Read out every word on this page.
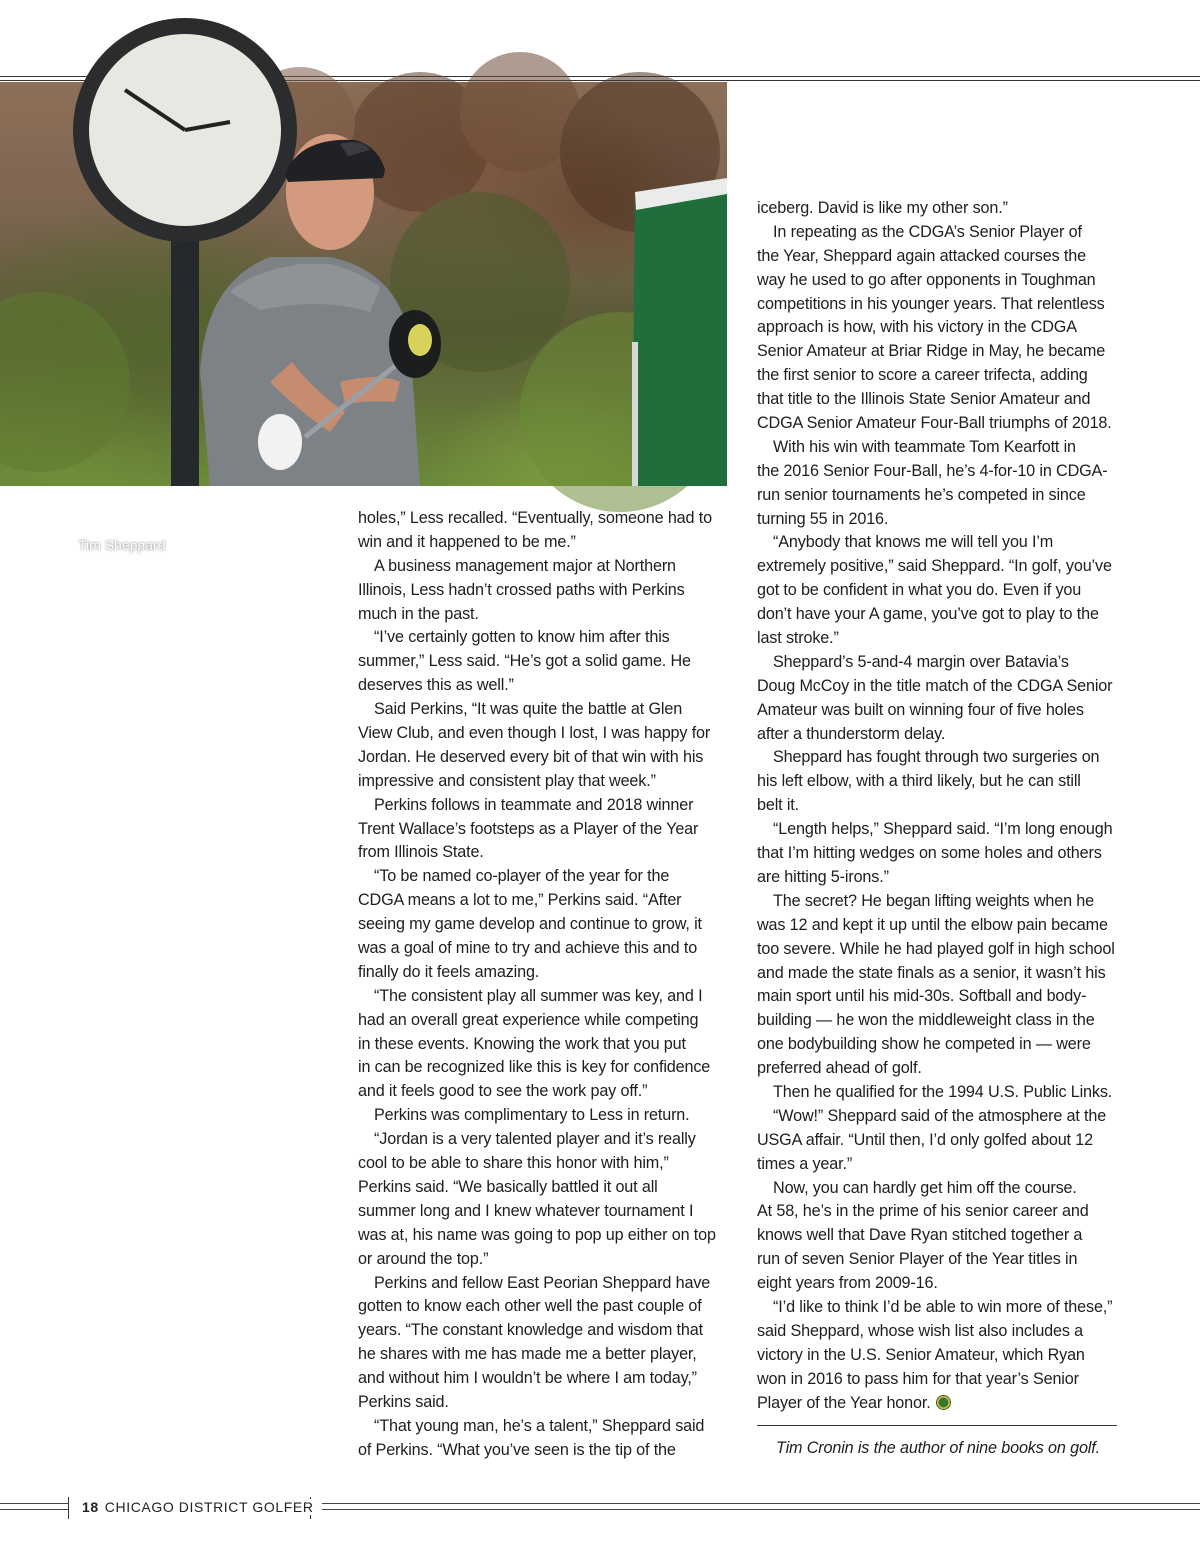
Tim Sheppard
holes,” Less recalled. “Eventually, someone had to
win and it happened to be me.”
 A business management major at Northern
Illinois, Less hadn’t crossed paths with Perkins
much in the past.
 “I’ve certainly gotten to know him after this
summer,” Less said. “He’s got a solid game. He
deserves this as well.”
 Said Perkins, “It was quite the battle at Glen
View Club, and even though I lost, I was happy for
Jordan. He deserved every bit of that win with his
impressive and consistent play that week.”
 Perkins follows in teammate and 2018 winner
Trent Wallace’s footsteps as a Player of the Year
from Illinois State.
 “To be named co-player of the year for the
CDGA means a lot to me,” Perkins said. “After
seeing my game develop and continue to grow, it
was a goal of mine to try and achieve this and to
finally do it feels amazing.
 “The consistent play all summer was key, and I
had an overall great experience while competing
in these events. Knowing the work that you put
in can be recognized like this is key for confidence
and it feels good to see the work pay off.”
 Perkins was complimentary to Less in return.
 “Jordan is a very talented player and it’s really
cool to be able to share this honor with him,”
Perkins said. “We basically battled it out all
summer long and I knew whatever tournament I
was at, his name was going to pop up either on top
or around the top.”
 Perkins and fellow East Peorian Sheppard have
gotten to know each other well the past couple of
years. “The constant knowledge and wisdom that
he shares with me has made me a better player,
and without him I wouldn’t be where I am today,”
Perkins said.
 “That young man, he’s a talent,” Sheppard said
of Perkins. “What you’ve seen is the tip of the
iceberg. David is like my other son.”
 In repeating as the CDGA’s Senior Player of
the Year, Sheppard again attacked courses the
way he used to go after opponents in Toughman
competitions in his younger years. That relentless
approach is how, with his victory in the CDGA
Senior Amateur at Briar Ridge in May, he became
the first senior to score a career trifecta, adding
that title to the Illinois State Senior Amateur and
CDGA Senior Amateur Four-Ball triumphs of 2018.
 With his win with teammate Tom Kearfott in
the 2016 Senior Four-Ball, he’s 4-for-10 in CDGA-
run senior tournaments he’s competed in since
turning 55 in 2016.
 “Anybody that knows me will tell you I’m
extremely positive,” said Sheppard. “In golf, you’ve
got to be confident in what you do. Even if you
don’t have your A game, you’ve got to play to the
last stroke.”
 Sheppard’s 5-and-4 margin over Batavia’s
Doug McCoy in the title match of the CDGA Senior
Amateur was built on winning four of five holes
after a thunderstorm delay.
 Sheppard has fought through two surgeries on
his left elbow, with a third likely, but he can still
belt it.
 “Length helps,” Sheppard said. “I’m long enough
that I’m hitting wedges on some holes and others
are hitting 5-irons.”
 The secret? He began lifting weights when he
was 12 and kept it up until the elbow pain became
too severe. While he had played golf in high school
and made the state finals as a senior, it wasn’t his
main sport until his mid-30s. Softball and body-
building — he won the middleweight class in the
one bodybuilding show he competed in — were
preferred ahead of golf.
 Then he qualified for the 1994 U.S. Public Links.
 “Wow!” Sheppard said of the atmosphere at the
USGA affair. “Until then, I’d only golfed about 12
times a year.”
 Now, you can hardly get him off the course.
At 58, he’s in the prime of his senior career and
knows well that Dave Ryan stitched together a
run of seven Senior Player of the Year titles in
eight years from 2009-16.
 “I’d like to think I’d be able to win more of these,”
said Sheppard, whose wish list also includes a
victory in the U.S. Senior Amateur, which Ryan
won in 2016 to pass him for that year’s Senior
Player of the Year honor.
Tim Cronin is the author of nine books on golf.
18 CHICAGO DISTRICT GOLFER
